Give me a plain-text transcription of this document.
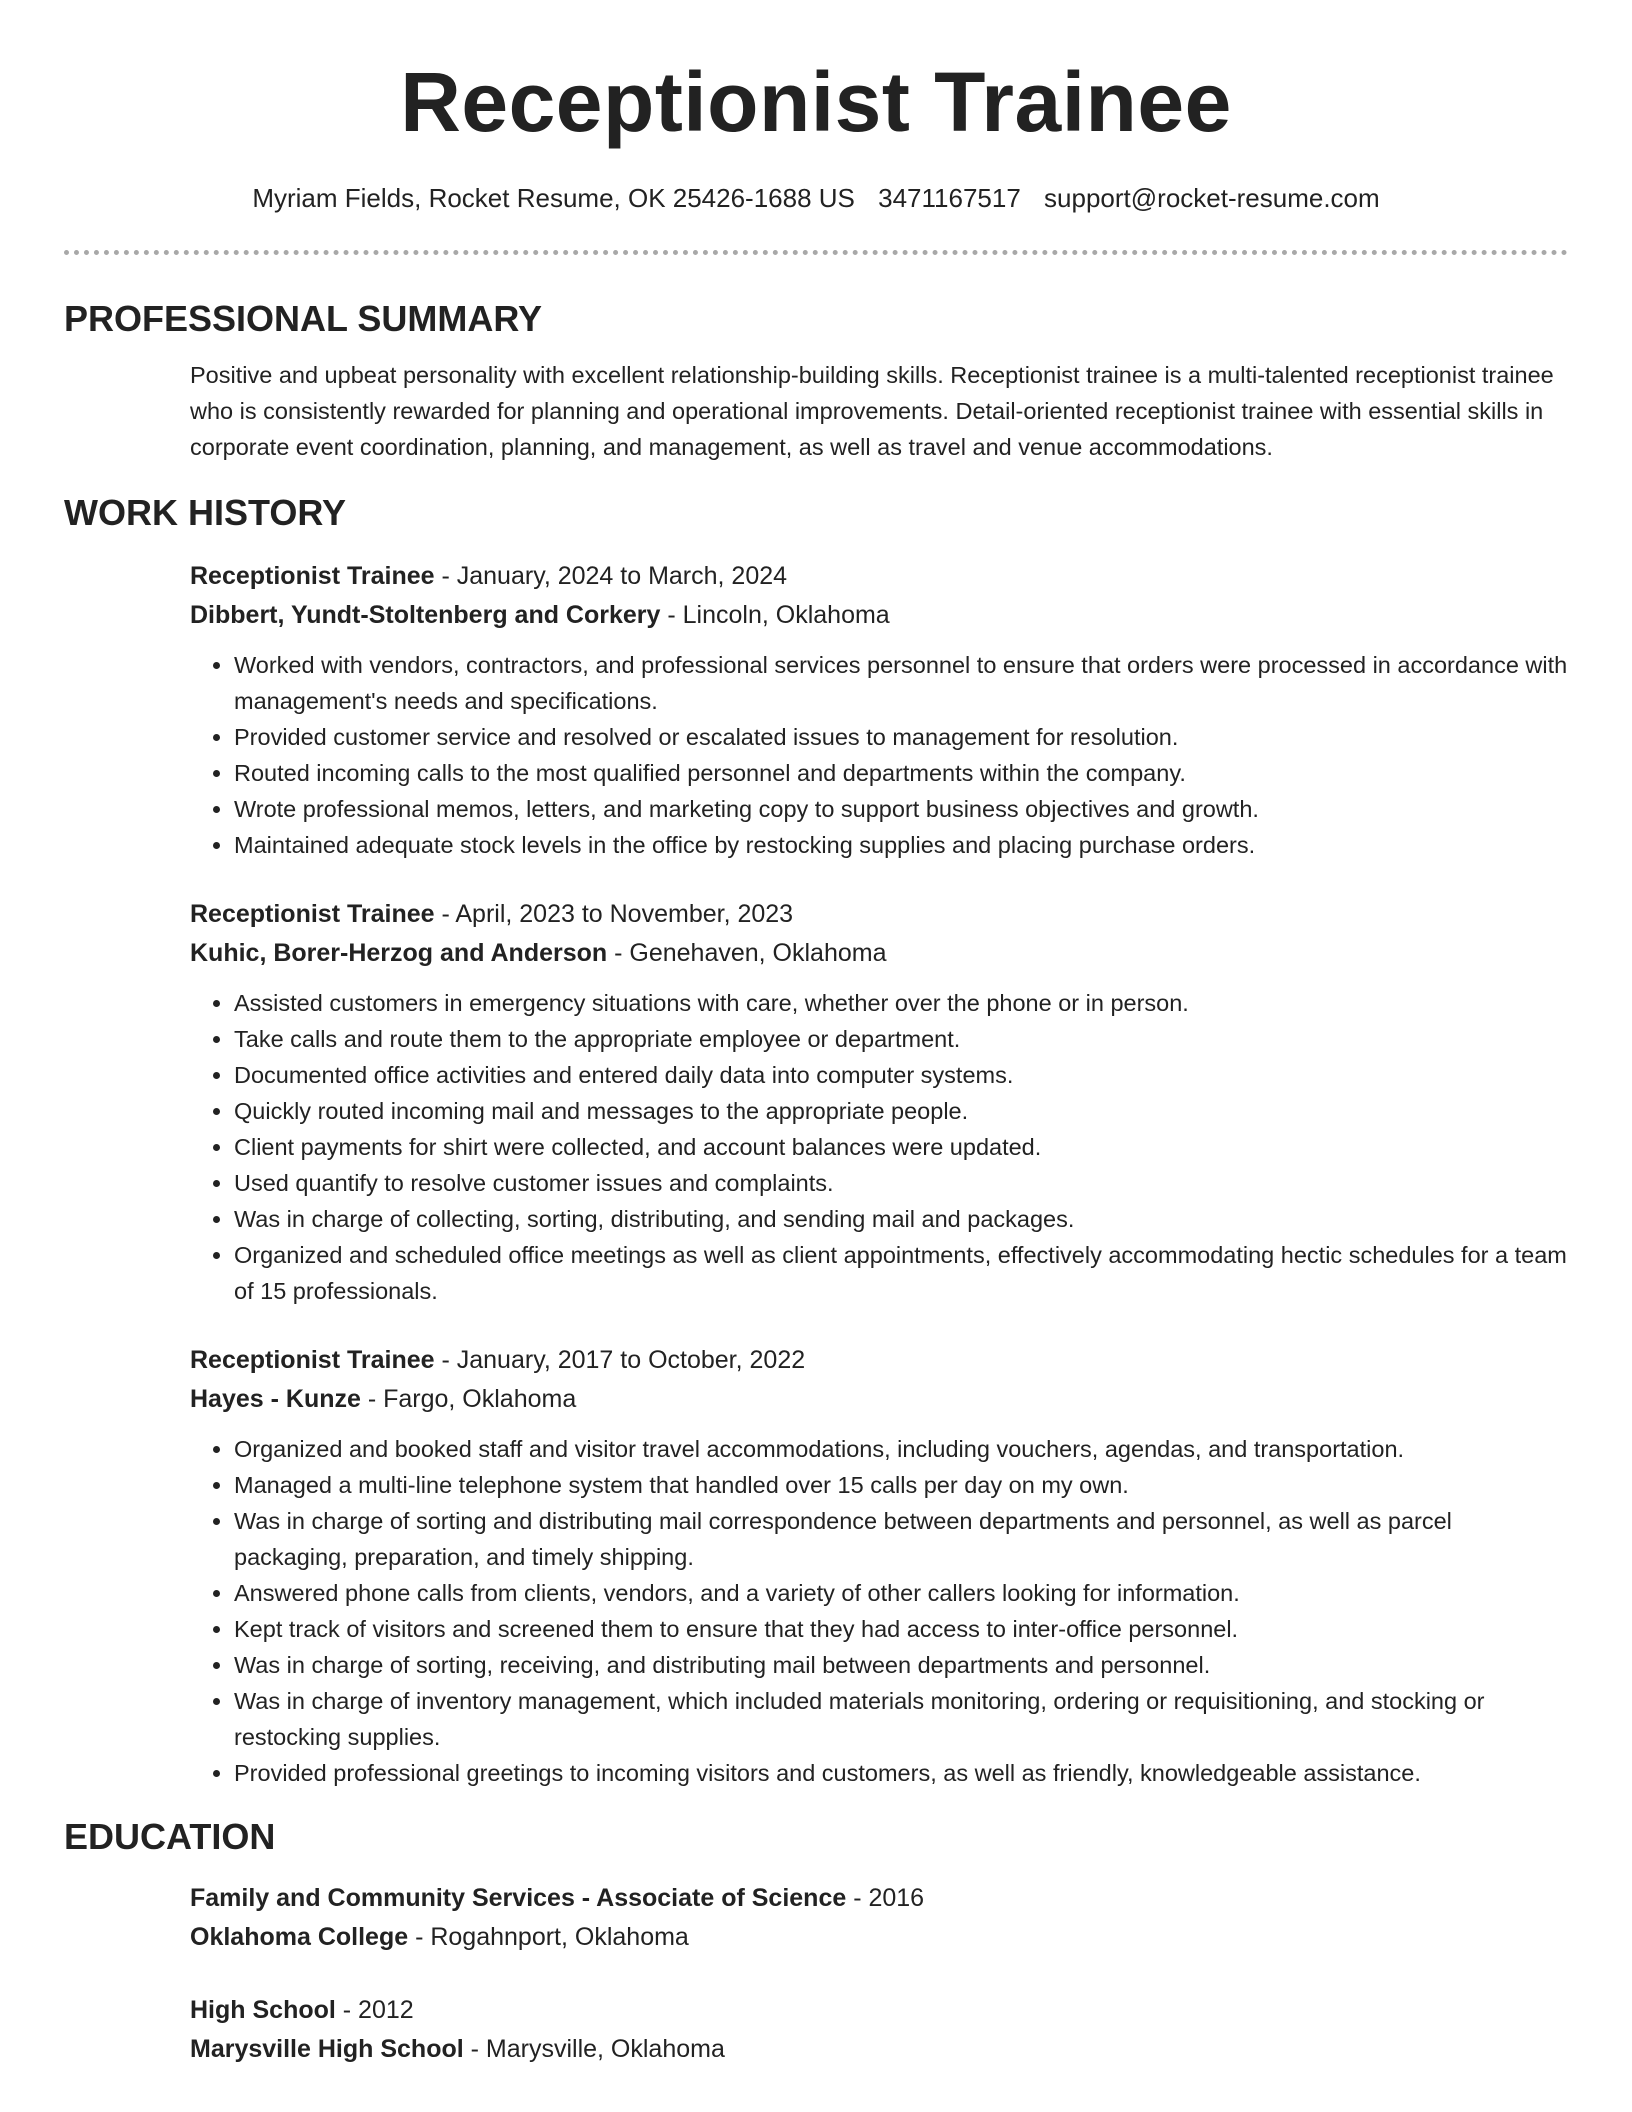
Receptionist Trainee
Myriam Fields, Rocket Resume, OK 25426-1688 US 3471167517 support@rocket-resume.com
PROFESSIONAL SUMMARY

Positive and upbeat personality with excellent relationship-building skills. Receptionist trainee is a multi-talented receptionist trainee who is consistently rewarded for planning and operational improvements. Detail-oriented receptionist trainee with essential skills in corporate event coordination, planning, and management, as well as travel and venue accommodations.

WORK HISTORY
Receptionist Trainee - January, 2024 to March, 2024
Dibbert, Yundt-Stoltenberg and Corkery - Lincoln, Oklahoma
• Worked with vendors, contractors, and professional services personnel to ensure that orders were processed in accordance with management's needs and specifications.
• Provided customer service and resolved or escalated issues to management for resolution.
• Routed incoming calls to the most qualified personnel and departments within the company.
• Wrote professional memos, letters, and marketing copy to support business objectives and growth.
• Maintained adequate stock levels in the office by restocking supplies and placing purchase orders.
Receptionist Trainee - April, 2023 to November, 2023
Kuhic, Borer-Herzog and Anderson - Genehaven, Oklahoma
• Assisted customers in emergency situations with care, whether over the phone or in person.
• Take calls and route them to the appropriate employee or department.
• Documented office activities and entered daily data into computer systems.
• Quickly routed incoming mail and messages to the appropriate people.
• Client payments for shirt were collected, and account balances were updated.
• Used quantify to resolve customer issues and complaints.
• Was in charge of collecting, sorting, distributing, and sending mail and packages.
• Organized and scheduled office meetings as well as client appointments, effectively accommodating hectic schedules for a team of 15 professionals.
Receptionist Trainee - January, 2017 to October, 2022
Hayes - Kunze - Fargo, Oklahoma
• Organized and booked staff and visitor travel accommodations, including vouchers, agendas, and transportation.
• Managed a multi-line telephone system that handled over 15 calls per day on my own.
• Was in charge of sorting and distributing mail correspondence between departments and personnel, as well as parcel packaging, preparation, and timely shipping.
• Answered phone calls from clients, vendors, and a variety of other callers looking for information.
• Kept track of visitors and screened them to ensure that they had access to inter-office personnel.
• Was in charge of sorting, receiving, and distributing mail between departments and personnel.
• Was in charge of inventory management, which included materials monitoring, ordering or requisitioning, and stocking or restocking supplies.
• Provided professional greetings to incoming visitors and customers, as well as friendly, knowledgeable assistance.
EDUCATION
Family and Community Services - Associate of Science - 2016
Oklahoma College - Rogahnport, Oklahoma
High School - 2012
Marysville High School - Marysville, Oklahoma
